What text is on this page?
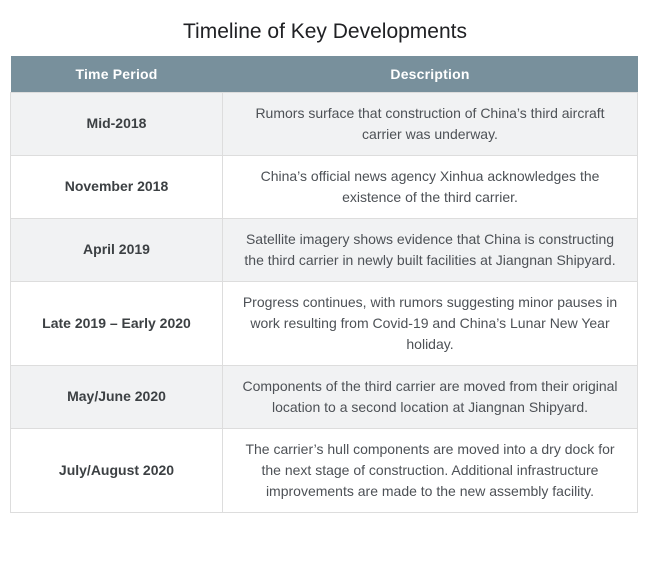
Timeline of Key Developments
Time Period	Description
Mid-2018	Rumors surface that construction of China’s third aircraft carrier was underway.
November 2018	China’s official news agency Xinhua acknowledges the existence of the third carrier.
April 2019	Satellite imagery shows evidence that China is constructing the third carrier in newly built facilities at Jiangnan Shipyard.
Late 2019 – Early 2020	Progress continues, with rumors suggesting minor pauses in work resulting from Covid-19 and China’s Lunar New Year holiday.
May/June 2020	Components of the third carrier are moved from their original location to a second location at Jiangnan Shipyard.
July/August 2020	The carrier’s hull components are moved into a dry dock for the next stage of construction. Additional infrastructure improvements are made to the new assembly facility.
